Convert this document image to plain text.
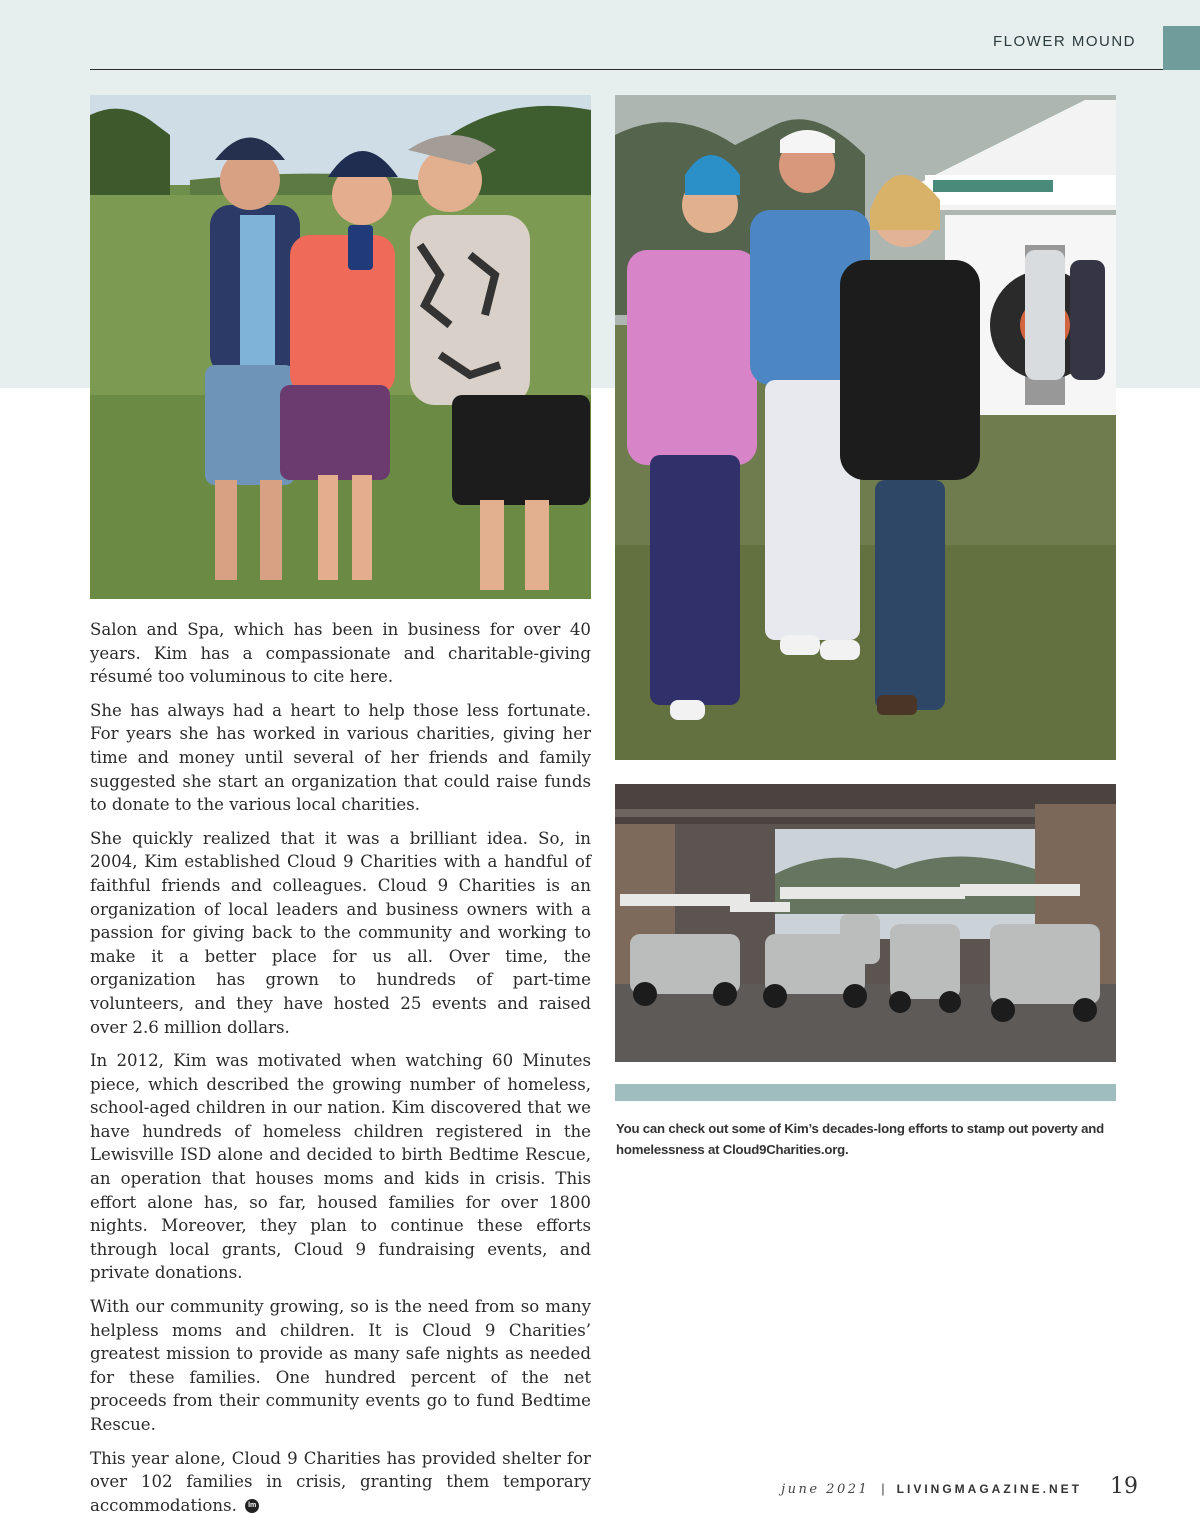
FLOWER MOUND

Salon and Spa, which has been in business for over 40 years. Kim has a compassionate and charitable-giving résumé too voluminous to cite here.

She has always had a heart to help those less fortunate. For years she has worked in various charities, giving her time and money until several of her friends and family suggested she start an organization that could raise funds to donate to the various local charities.

She quickly realized that it was a brilliant idea. So, in 2004, Kim established Cloud 9 Charities with a handful of faithful friends and colleagues. Cloud 9 Charities is an organization of local leaders and business owners with a passion for giving back to the community and working to make it a better place for us all. Over time, the organization has grown to hundreds of part-time volunteers, and they have hosted 25 events and raised over 2.6 million dollars.

In 2012, Kim was motivated when watching 60 Minutes piece, which described the growing number of homeless, school-aged children in our nation. Kim discovered that we have hundreds of homeless children registered in the Lewisville ISD alone and decided to birth Bedtime Rescue, an operation that houses moms and kids in crisis. This effort alone has, so far, housed families for over 1800 nights. Moreover, they plan to continue these efforts through local grants, Cloud 9 fundraising events, and private donations.

With our community growing, so is the need from so many helpless moms and children. It is Cloud 9 Charities’ greatest mission to provide as many safe nights as needed for these families. One hundred percent of the net proceeds from their community events go to fund Bedtime Rescue.

This year alone, Cloud 9 Charities has provided shelter for over 102 families in crisis, granting them temporary accommodations. lm

You can check out some of Kim’s decades-long efforts to stamp out poverty and homelessness at Cloud9Charities.org.
june 2021 | LIVINGMAGAZINE.NET 19
